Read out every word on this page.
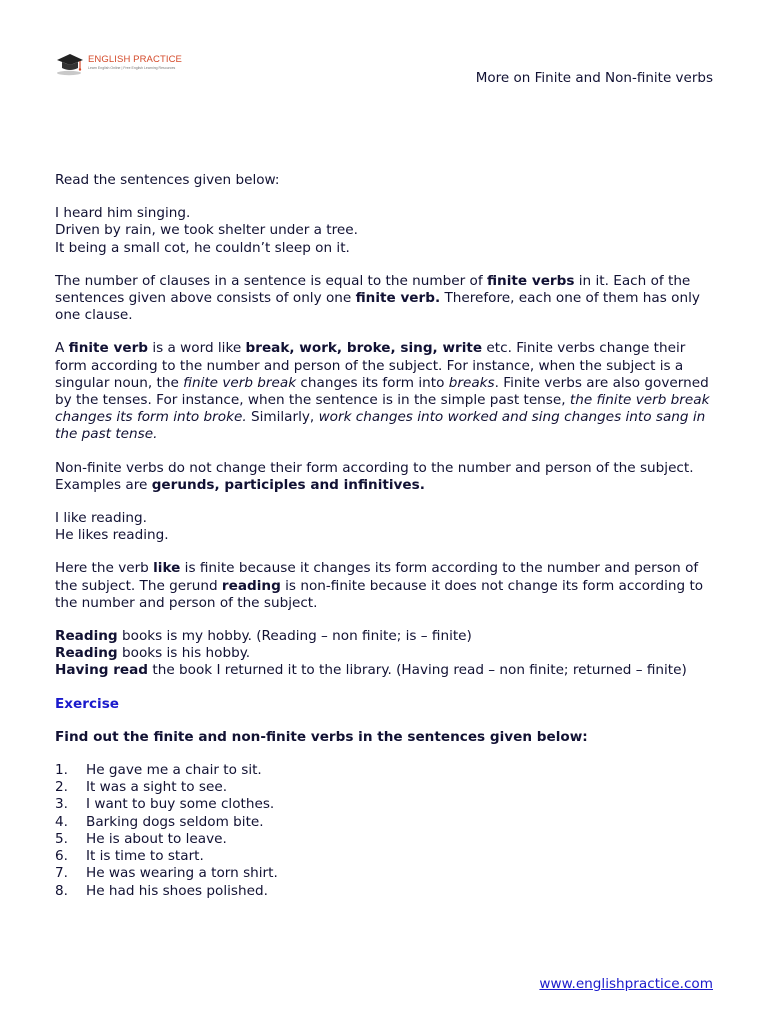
ENGLISH PRACTICE
Learn English Online | Free English Learning Resources
More on Finite and Non-finite verbs

Read the sentences given below:

I heard him singing.
Driven by rain, we took shelter under a tree.
It being a small cot, he couldn’t sleep on it.

The number of clauses in a sentence is equal to the number of finite verbs in it. Each of the sentences given above consists of only one finite verb. Therefore, each one of them has only one clause.

A finite verb is a word like break, work, broke, sing, write etc. Finite verbs change their form according to the number and person of the subject. For instance, when the subject is a singular noun, the finite verb break changes its form into breaks. Finite verbs are also governed by the tenses. For instance, when the sentence is in the simple past tense, the finite verb break changes its form into broke. Similarly, work changes into worked and sing changes into sang in the past tense.

Non-finite verbs do not change their form according to the number and person of the subject. Examples are gerunds, participles and infinitives.

I like reading.
He likes reading.

Here the verb like is finite because it changes its form according to the number and person of the subject. The gerund reading is non-finite because it does not change its form according to the number and person of the subject.

Reading books is my hobby. (Reading – non finite; is – finite)
Reading books is his hobby.
Having read the book I returned it to the library. (Having read – non finite; returned – finite)

Exercise

Find out the finite and non-finite verbs in the sentences given below:

1.	He gave me a chair to sit.
2.	It was a sight to see.
3.	I want to buy some clothes.
4.	Barking dogs seldom bite.
5.	He is about to leave.
6.	It is time to start.
7.	He was wearing a torn shirt.
8.	He had his shoes polished.
www.englishpractice.com
